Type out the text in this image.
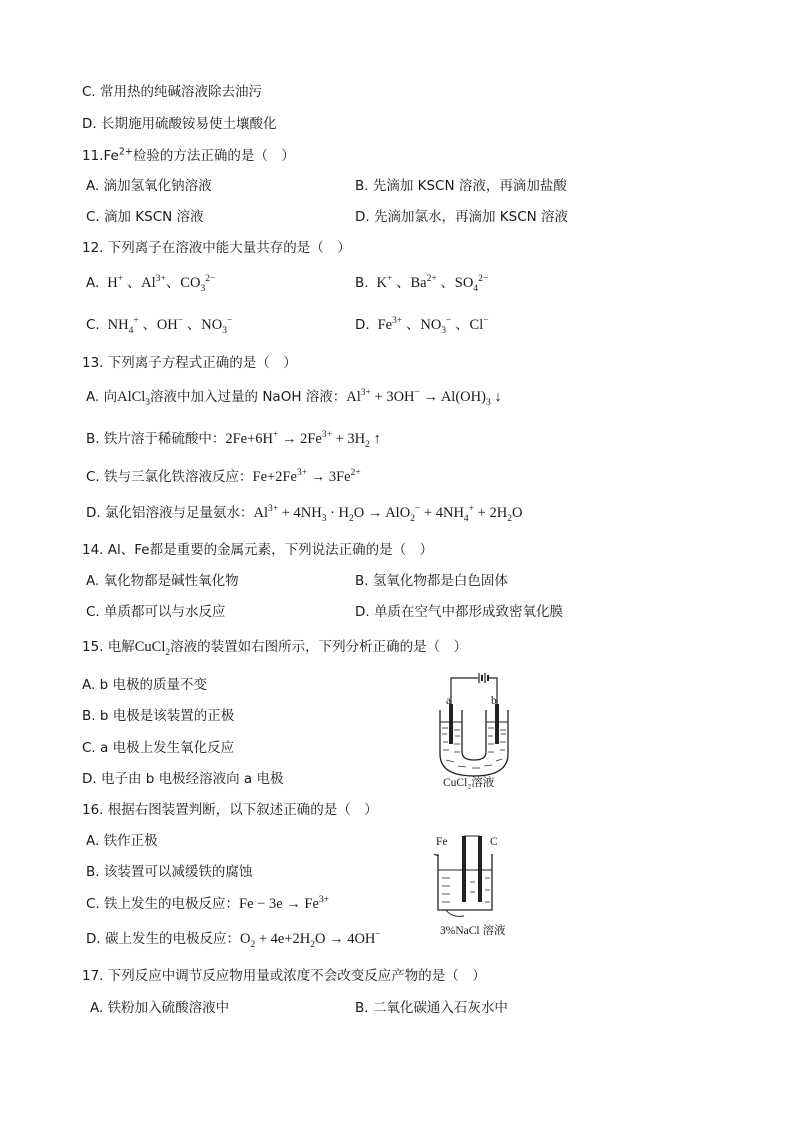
C. 常用热的纯碱溶液除去油污
D. 长期施用硫酸铵易使土壤酸化
$11.Fe^{2+}$检验的方法正确的是（　）
A. 滴加氢氧化钠溶液	B. 先滴加 KSCN 溶液，再滴加盐酸
C. 滴加 KSCN 溶液	D. 先滴加氯水，再滴加 KSCN 溶液
12. 下列离子在溶液中能大量共存的是（　）
A.  H+ 、$Al^{3+}$、$CO_3^{2-}$	B.  K+ 、$Ba^{2+}$ 、$SO_4^{2-}$
C.  $NH_4^+$ 、OH− 、$NO_3^-$	D.  $Fe^{3+}$ 、$NO_3^-$ 、Cl−
13. 下列离子方程式正确的是（　）
A. 向AlCl$_3$溶液中加入过量的 NaOH 溶液：$Al^{3+} + 3OH^- \to Al(OH)_3$ ↓
B. 铁片溶于稀硫酸中：$2Fe+6H^+ \to 2Fe^{3+} + 3H_2$ ↑
C. 铁与三氯化铁溶液反应：$Fe+2Fe^{3+} \to 3Fe^{2+}$
D. 氯化铝溶液与足量氨水：$Al^{3+} + 4NH_3 \cdot H_2O \to AlO_2^- + 4NH_4^+ + 2H_2O$
14. Al、Fe都是重要的金属元素，下列说法正确的是（　）
A. 氧化物都是碱性氧化物	B. 氢氧化物都是白色固体
C. 单质都可以与水反应	D. 单质在空气中都形成致密氧化膜
15. 电解CuCl$_2$溶液的装置如右图所示，下列分析正确的是（　）
A. b 电极的质量不变
B. b 电极是该装置的正极
C. a 电极上发生氧化反应
D. 电子由 b 电极经溶液向 a 电极
a	b
CuCl₂溶液
16. 根据右图装置判断，以下叙述正确的是（　）
A. 铁作正极
B. 该装置可以减缓铁的腐蚀
C. 铁上发生的电极反应：$Fe - 3e \to Fe^{3+}$
D. 碳上发生的电极反应：$O_2 + 4e+2H_2O \to 4OH^-$
Fe	C
3%NaCl 溶液
17. 下列反应中调节反应物用量或浓度不会改变反应产物的是（　）
A. 铁粉加入硫酸溶液中	B. 二氧化碳通入石灰水中
